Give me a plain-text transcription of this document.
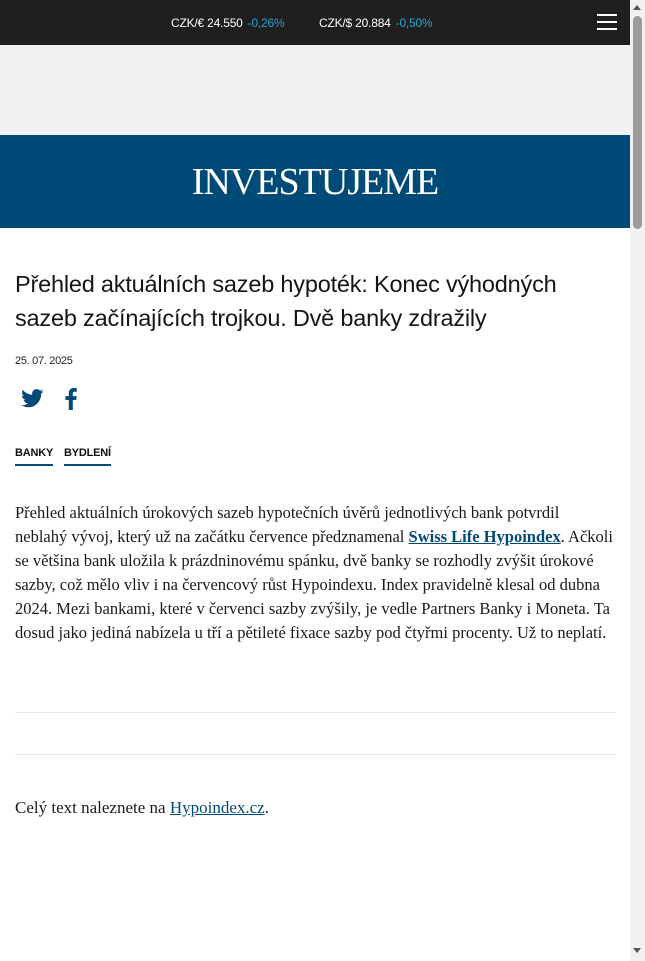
CZK/€ 24.550 -0,26%	CZK/$ 20.884 -0,50%
INVESTUJEME
Přehled aktuálních sazeb hypoték: Konec výhodných sazeb začínajících trojkou. Dvě banky zdražily
25. 07. 2025
BANKY BYDLENÍ

Přehled aktuálních úrokových sazeb hypotečních úvěrů jednotlivých bank potvrdil neblahý vývoj, který už na začátku července předznamenal Swiss Life Hypoindex. Ačkoli se většina bank uložila k prázdninovému spánku, dvě banky se rozhodly zvýšit úrokové sazby, což mělo vliv i na červencový růst Hypoindexu. Index pravidelně klesal od dubna 2024. Mezi bankami, které v červenci sazby zvýšily, je vedle Partners Banky i Moneta. Ta dosud jako jediná nabízela u tří a pětileté fixace sazby pod čtyřmi procenty. Už to neplatí.

Celý text naleznete na Hypoindex.cz.
